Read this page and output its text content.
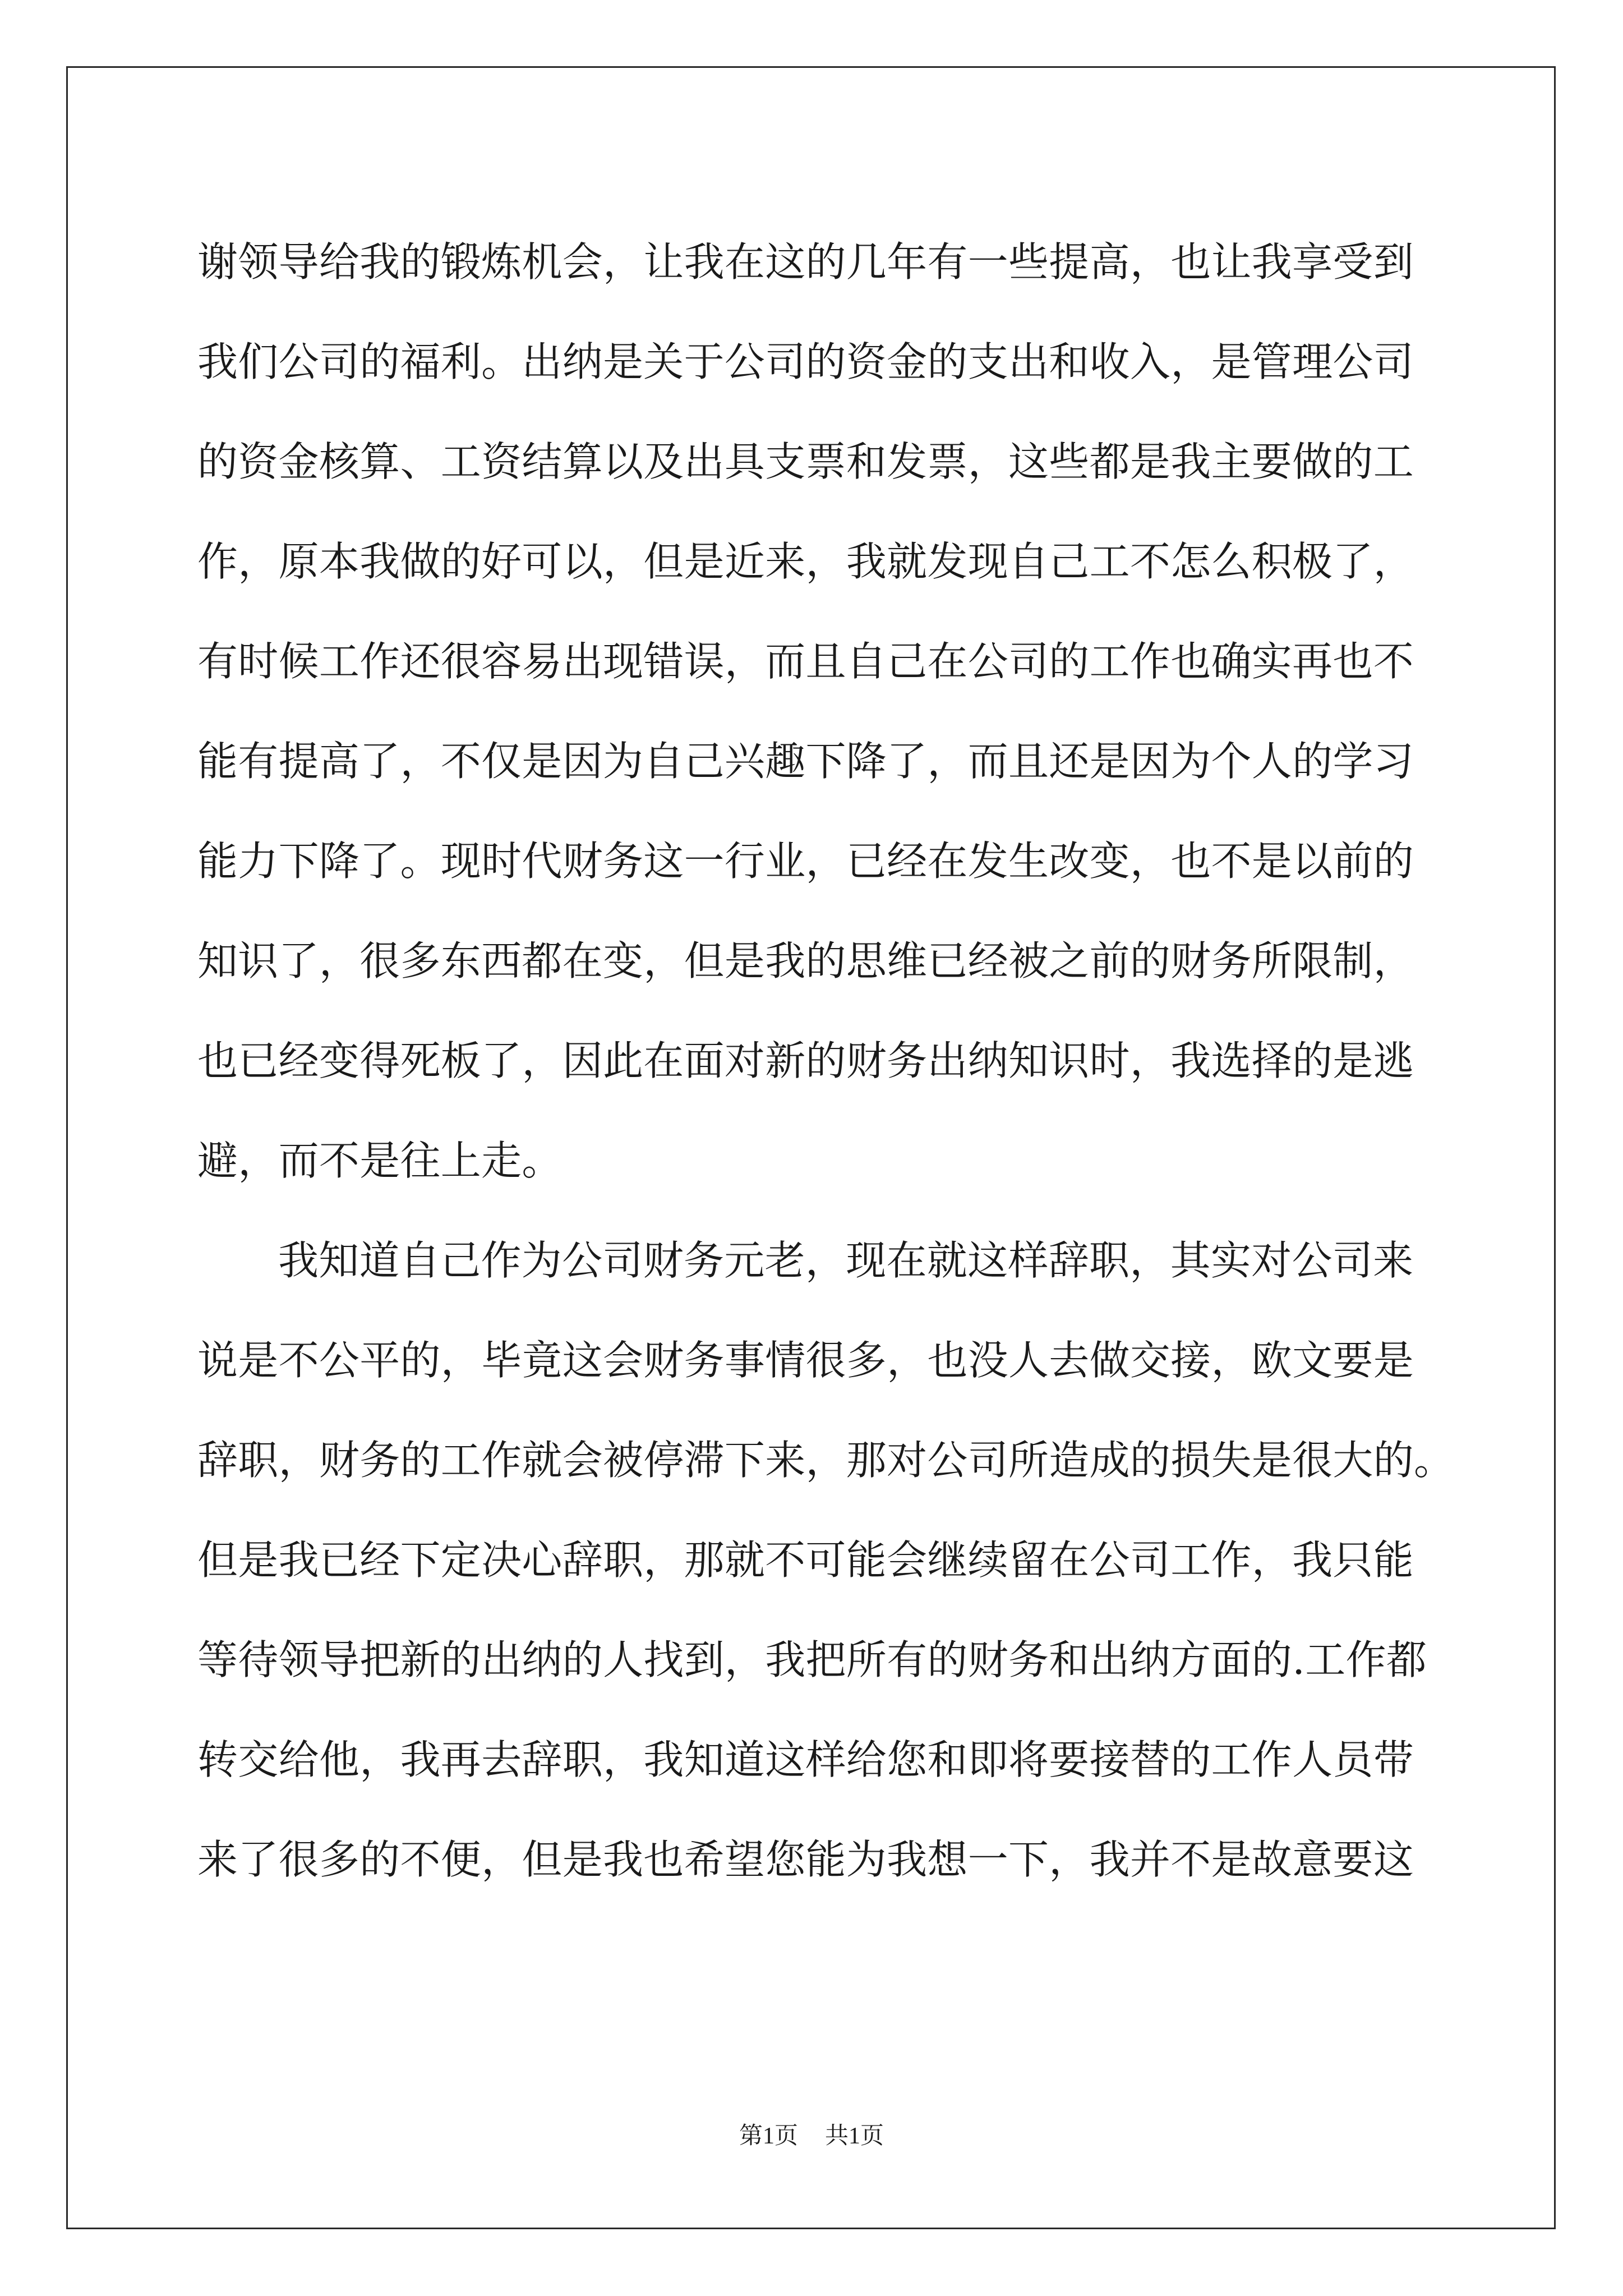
谢领导给我的锻炼机会，让我在这的几年有一些提高，也让我享受到
我们公司的福利。出纳是关于公司的资金的支出和收入，是管理公司
的资金核算、工资结算以及出具支票和发票，这些都是我主要做的工
作，原本我做的好可以，但是近来，我就发现自己工不怎么积极了，
有时候工作还很容易出现错误，而且自己在公司的工作也确实再也不
能有提高了，不仅是因为自己兴趣下降了，而且还是因为个人的学习
能力下降了。现时代财务这一行业，已经在发生改变，也不是以前的
知识了，很多东西都在变，但是我的思维已经被之前的财务所限制，
也已经变得死板了，因此在面对新的财务出纳知识时，我选择的是逃
避，而不是往上走。
我知道自己作为公司财务元老，现在就这样辞职，其实对公司来
说是不公平的，毕竟这会财务事情很多，也没人去做交接，欧文要是
辞职，财务的工作就会被停滞下来，那对公司所造成的损失是很大的。
但是我已经下定决心辞职，那就不可能会继续留在公司工作，我只能
等待领导把新的出纳的人找到，我把所有的财务和出纳方面的.工作都
转交给他，我再去辞职，我知道这样给您和即将要接替的工作人员带
来了很多的不便，但是我也希望您能为我想一下，我并不是故意要这
第1页 共1页
